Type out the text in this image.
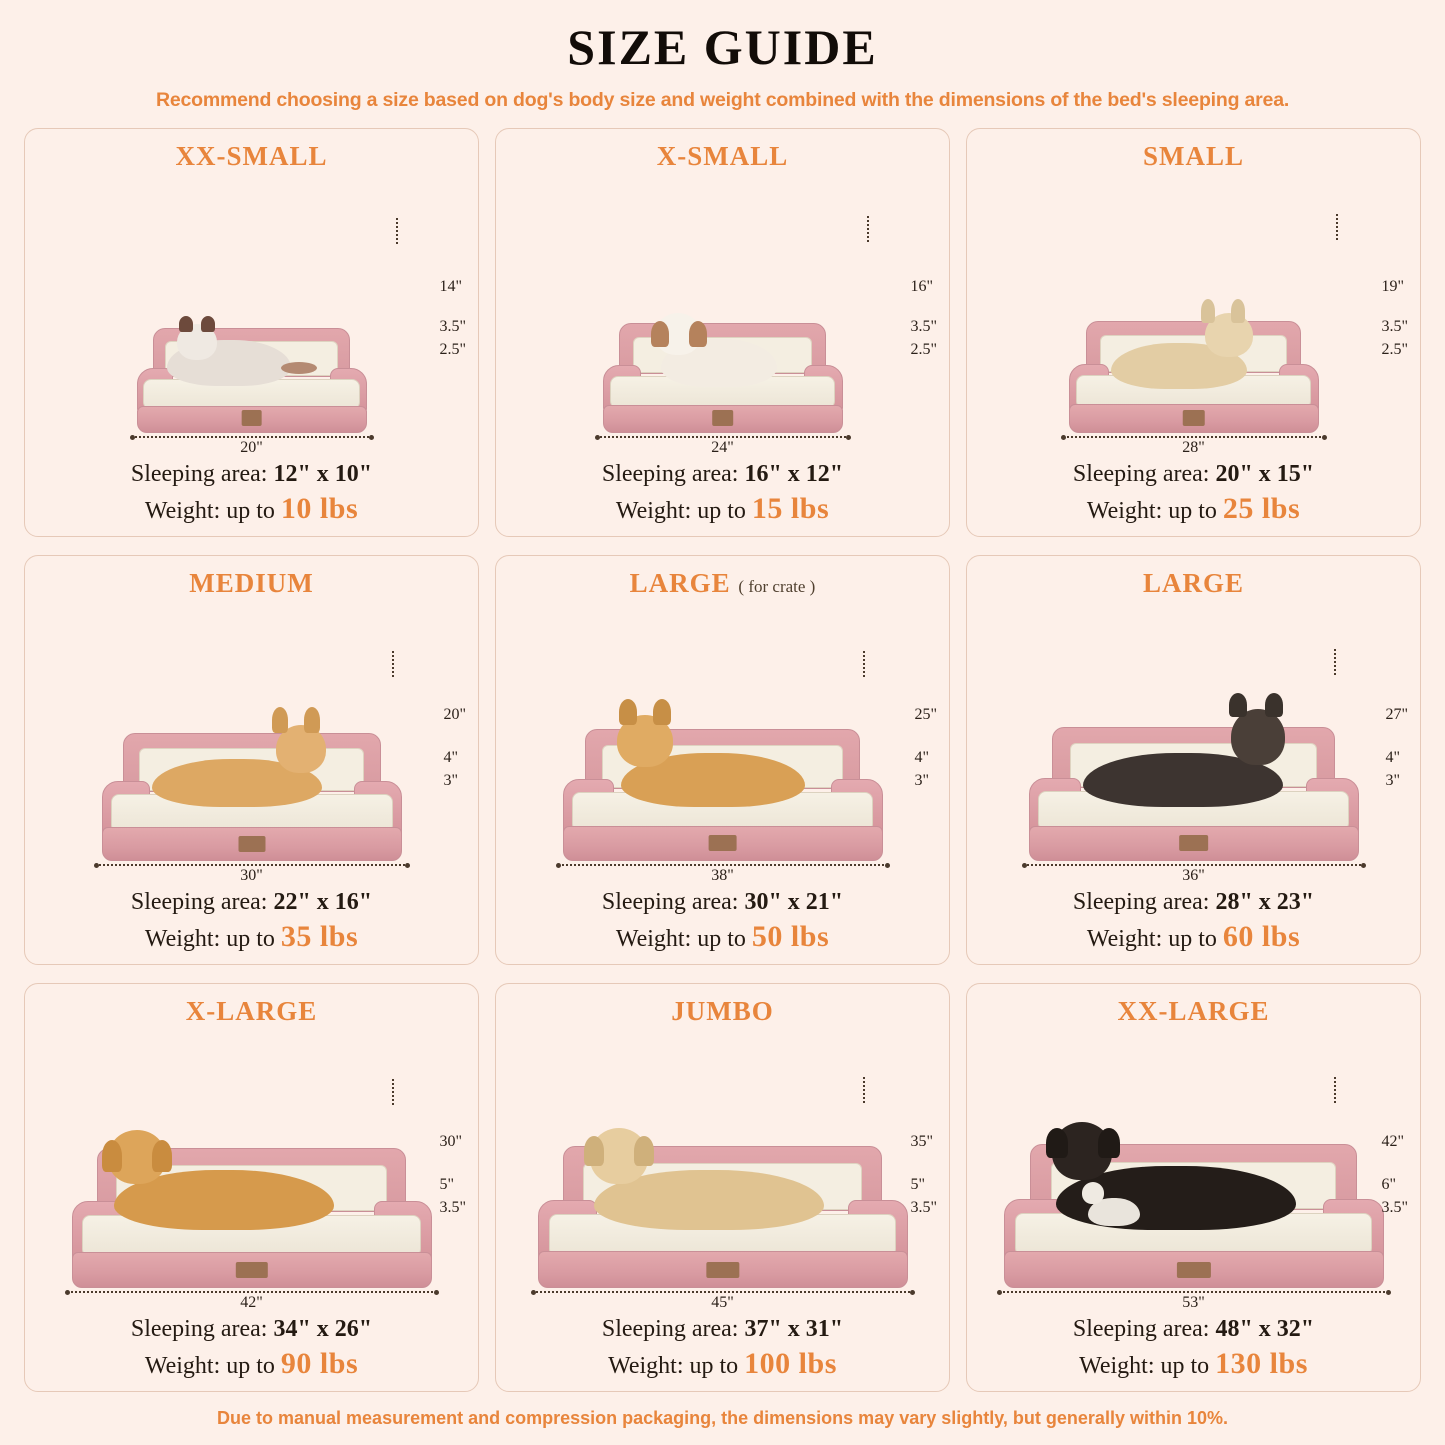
SIZE GUIDE
Recommend choosing a size based on dog's body size and weight combined with the dimensions of the bed's sleeping area.
XX-SMALL
14"
3.5"
2.5"
20"
Sleeping area: 12" x 10"
Weight: up to 10 lbs
X-SMALL
16"
3.5"
2.5"
24"
Sleeping area: 16" x 12"
Weight: up to 15 lbs
SMALL
19"
3.5"
2.5"
28"
Sleeping area: 20" x 15"
Weight: up to 25 lbs
MEDIUM
20"
4"
3"
30"
Sleeping area: 22" x 16"
Weight: up to 35 lbs
LARGE ( for crate )
25"
4"
3"
38"
Sleeping area: 30" x 21"
Weight: up to 50 lbs
LARGE
27"
4"
3"
36"
Sleeping area: 28" x 23"
Weight: up to 60 lbs
X-LARGE
30"
5"
3.5"
42"
Sleeping area: 34" x 26"
Weight: up to 90 lbs
JUMBO
35"
5"
3.5"
45"
Sleeping area: 37" x 31"
Weight: up to 100 lbs
XX-LARGE
42"
6"
3.5"
53"
Sleeping area: 48" x 32"
Weight: up to 130 lbs
Due to manual measurement and compression packaging, the dimensions may vary slightly, but generally within 10%.
